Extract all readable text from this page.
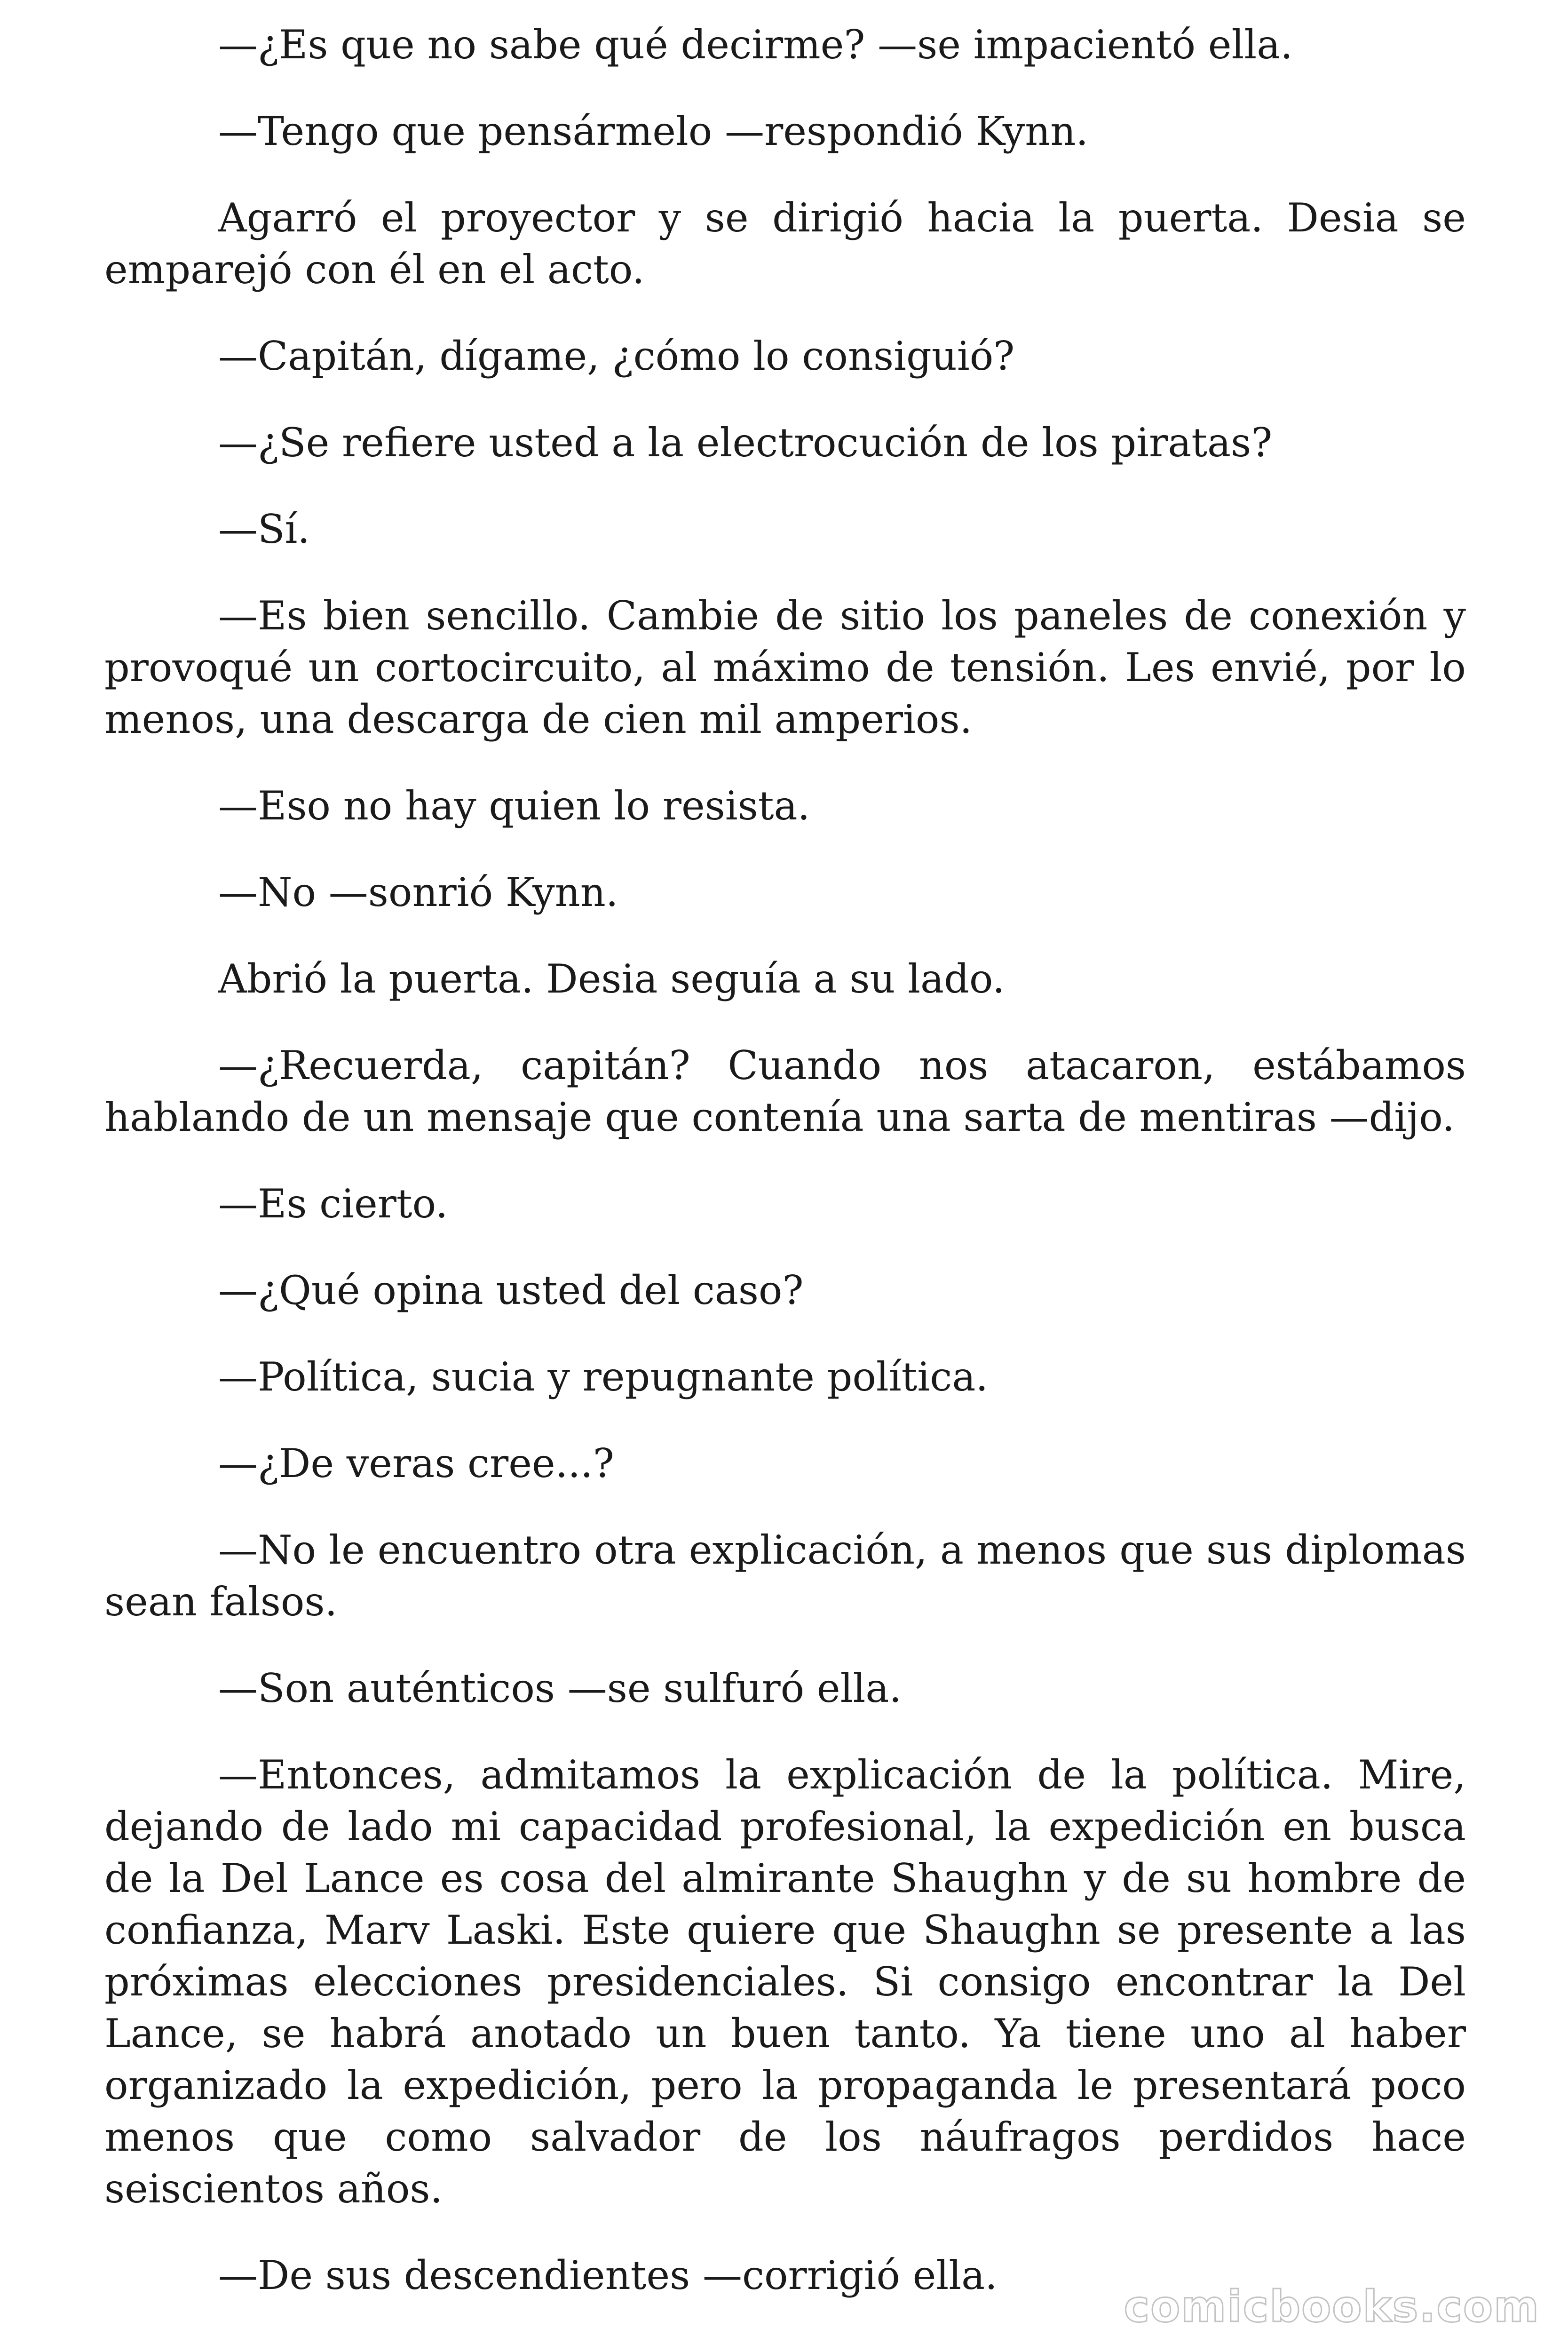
—¿Es que no sabe qué decirme? —se impacientó ella.

—Tengo que pensármelo —respondió Kynn.

Agarró el proyector y se dirigió hacia la puerta. Desia se emparejó con él en el acto.

—Capitán, dígame, ¿cómo lo consiguió?

—¿Se refiere usted a la electrocución de los piratas?

—Sí.

—Es bien sencillo. Cambie de sitio los paneles de conexión y provoqué un cortocircuito, al máximo de tensión. Les envié, por lo menos, una descarga de cien mil amperios.

—Eso no hay quien lo resista.

—No —sonrió Kynn.

Abrió la puerta. Desia seguía a su lado.

—¿Recuerda, capitán? Cuando nos atacaron, estábamos hablando de un mensaje que contenía una sarta de mentiras —dijo.

—Es cierto.

—¿Qué opina usted del caso?

—Política, sucia y repugnante política.

—¿De veras cree...?

—No le encuentro otra explicación, a menos que sus diplomas sean falsos.

—Son auténticos —se sulfuró ella.

—Entonces, admitamos la explicación de la política. Mire, dejando de lado mi capacidad profesional, la expedición en busca de la Del Lance es cosa del almirante Shaughn y de su hombre de confianza, Marv Laski. Este quiere que Shaughn se presente a las próximas elecciones presidenciales. Si consigo encontrar la Del Lance, se habrá anotado un buen tanto. Ya tiene uno al haber organizado la expedición, pero la propaganda le presentará poco menos que como salvador de los náufragos perdidos hace seiscientos años.

—De sus descendientes —corrigió ella.

comicbooks.com
